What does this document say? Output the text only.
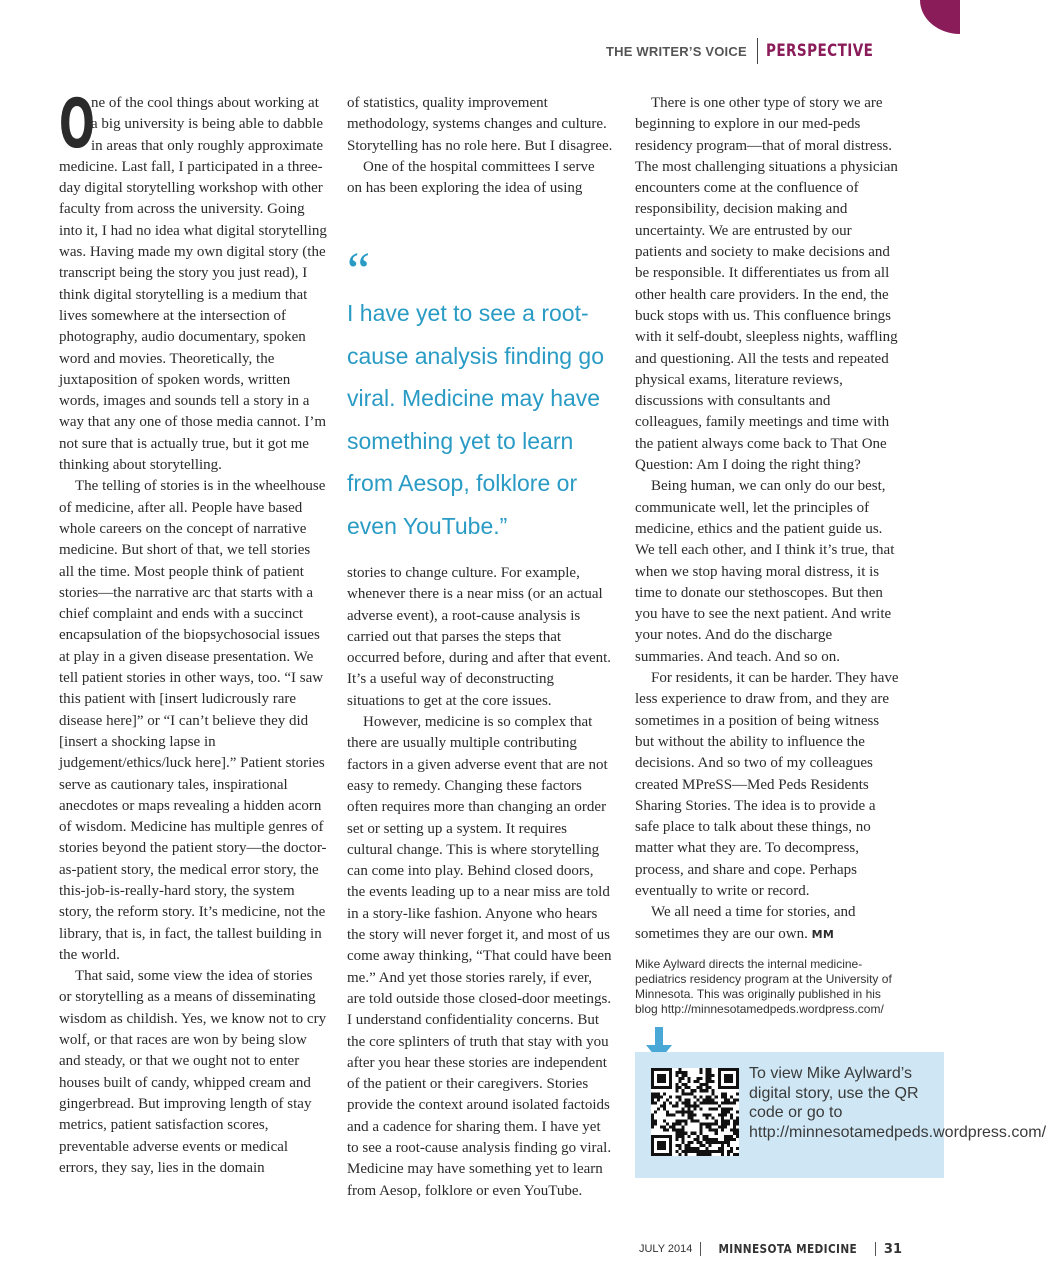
THE WRITER’S VOICE	PERSPECTIVE

O
ne of the cool things about working at a big university is being able to dabble in areas that only roughly approximate medicine. Last fall, I participated in a three-day digital storytelling workshop with other faculty from across the university. Going into it, I had no idea what digital storytelling was. Having made my own digital story (the transcript being the story you just read), I think digital storytelling is a medium that lives somewhere at the intersection of photography, audio documentary, spoken word and movies. Theoretically, the juxtaposition of spoken words, written words, images and sounds tell a story in a way that any one of those media cannot. I’m not sure that is actually true, but it got me thinking about storytelling.

The telling of stories is in the wheelhouse of medicine, after all. People have based whole careers on the concept of narrative medicine. But short of that, we tell stories all the time. Most people think of patient stories—the narrative arc that starts with a chief complaint and ends with a succinct encapsulation of the biopsychosocial issues at play in a given disease presentation. We tell patient stories in other ways, too. “I saw this patient with [insert ludicrously rare disease here]” or “I can’t believe they did [insert a shocking lapse in judgement/ethics/luck here].” Patient stories serve as cautionary tales, inspirational anecdotes or maps revealing a hidden acorn of wisdom. Medicine has multiple genres of stories beyond the patient story—the doctor-as-patient story, the medical error story, the this-job-is-really-hard story, the system story, the reform story. It’s medicine, not the library, that is, in fact, the tallest building in the world.

That said, some view the idea of stories or storytelling as a means of disseminating wisdom as childish. Yes, we know not to cry wolf, or that races are won by being slow and steady, or that we ought not to enter houses built of candy, whipped cream and gingerbread. But improving length of stay metrics, patient satisfaction scores, preventable adverse events or medical errors, they say, lies in the domain

of statistics, quality improvement methodology, systems changes and culture. Storytelling has no role here. But I disagree.

One of the hospital committees I serve on has been exploring the idea of using

“
I have yet to see a root-cause analysis finding go viral. Medicine may have something yet to learn from Aesop, folklore or even YouTube.”

stories to change culture. For example, whenever there is a near miss (or an actual adverse event), a root-cause analysis is carried out that parses the steps that occurred before, during and after that event. It’s a useful way of deconstructing situations to get at the core issues.

However, medicine is so complex that there are usually multiple contributing factors in a given adverse event that are not easy to remedy. Changing these factors often requires more than changing an order set or setting up a system. It requires cultural change. This is where storytelling can come into play. Behind closed doors, the events leading up to a near miss are told in a story-like fashion. Anyone who hears the story will never forget it, and most of us come away thinking, “That could have been me.” And yet those stories rarely, if ever, are told outside those closed-door meetings. I understand confidentiality concerns. But the core splinters of truth that stay with you after you hear these stories are independent of the patient or their caregivers. Stories provide the context around isolated factoids and a cadence for sharing them. I have yet to see a root-cause analysis finding go viral. Medicine may have something yet to learn from Aesop, folklore or even YouTube.

There is one other type of story we are beginning to explore in our med-peds residency program—that of moral distress. The most challenging situations a physician encounters come at the confluence of responsibility, decision making and uncertainty. We are entrusted by our patients and society to make decisions and be responsible. It differentiates us from all other health care providers. In the end, the buck stops with us. This confluence brings with it self-doubt, sleepless nights, waffling and questioning. All the tests and repeated physical exams, literature reviews, discussions with consultants and colleagues, family meetings and time with the patient always come back to That One Question: Am I doing the right thing?

Being human, we can only do our best, communicate well, let the principles of medicine, ethics and the patient guide us. We tell each other, and I think it’s true, that when we stop having moral distress, it is time to donate our stethoscopes. But then you have to see the next patient. And write your notes. And do the discharge summaries. And teach. And so on.

For residents, it can be harder. They have less experience to draw from, and they are sometimes in a position of being witness but without the ability to influence the decisions. And so two of my colleagues created MPreSS—Med Peds Residents Sharing Stories. The idea is to provide a safe place to talk about these things, no matter what they are. To decompress, process, and share and cope. Perhaps eventually to write or record.

We all need a time for stories, and sometimes they are our own. MM

Mike Aylward directs the internal medicine-pediatrics residency program at the University of Minnesota. This was originally published in his blog http://minnesotamedpeds.wordpress.com/
To view Mike Aylward’s digital story, use the QR code or go to http://minnesotamedpeds.wordpress.com/
JULY 2014	MINNESOTA MEDICINE	31
